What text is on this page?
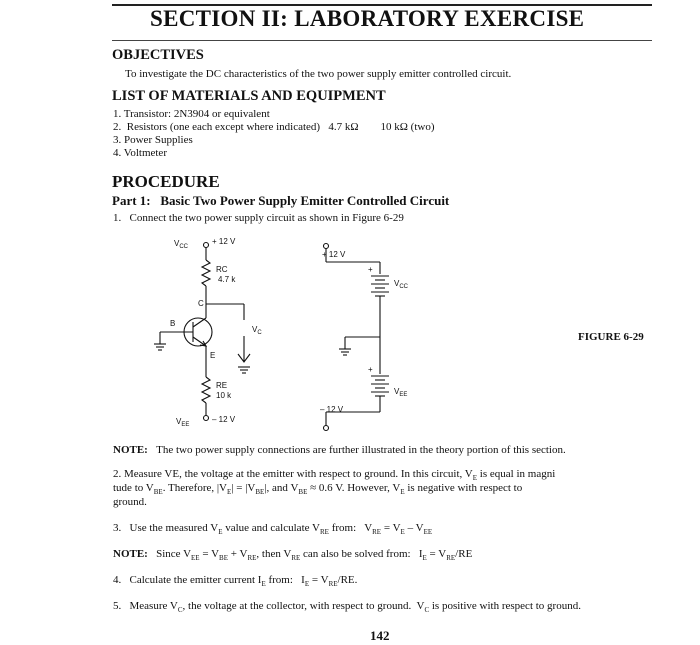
SECTION II: LABORATORY EXERCISE
OBJECTIVES
To investigate the DC characteristics of the two power supply emitter controlled circuit.
LIST OF MATERIALS AND EQUIPMENT
1. Transistor: 2N3904 or equivalent
2.  Resistors (one each except where indicated)   4.7 kΩ        10 kΩ (two)
3. Power Supplies
4. Voltmeter
PROCEDURE
Part 1:   Basic Two Power Supply Emitter Controlled Circuit
1.   Connect the two power supply circuit as shown in Figure 6-29
$V_{CC}$
+ 12 V
RC
4.7 k
C
B
E
$V_C$
RE
10 k
$V_{EE}$
– 12 V
+ 12 V
+
$V_{CC}$
+
$V_{EE}$
– 12 V
FIGURE 6-29
NOTE: The two power supply connections are further illustrated in the theory portion of this section.
2. Measure VE, the voltage at the emitter with respect to ground. In this circuit, $V_E$ is equal in magni
tude to $V_{BE}$. Therefore, $|V_E| = |V_{BE}|$, and $V_{BE} \approx 0.6$ V. However, $V_E$ is negative with respect to
ground.
3.   Use the measured $V_E$ value and calculate $V_{RE}$ from:   $V_{RE} = V_E - V_{EE}$
NOTE: Since $V_{EE} = V_{BE} + V_{RE}$, then $V_{RE}$ can also be solved from:   $I_E = V_{RE}/RE$
4.   Calculate the emitter current $I_E$ from:   $I_E = V_{RE}/RE$.
5.   Measure $V_C$, the voltage at the collector, with respect to ground.  $V_C$ is positive with respect to ground.
142
